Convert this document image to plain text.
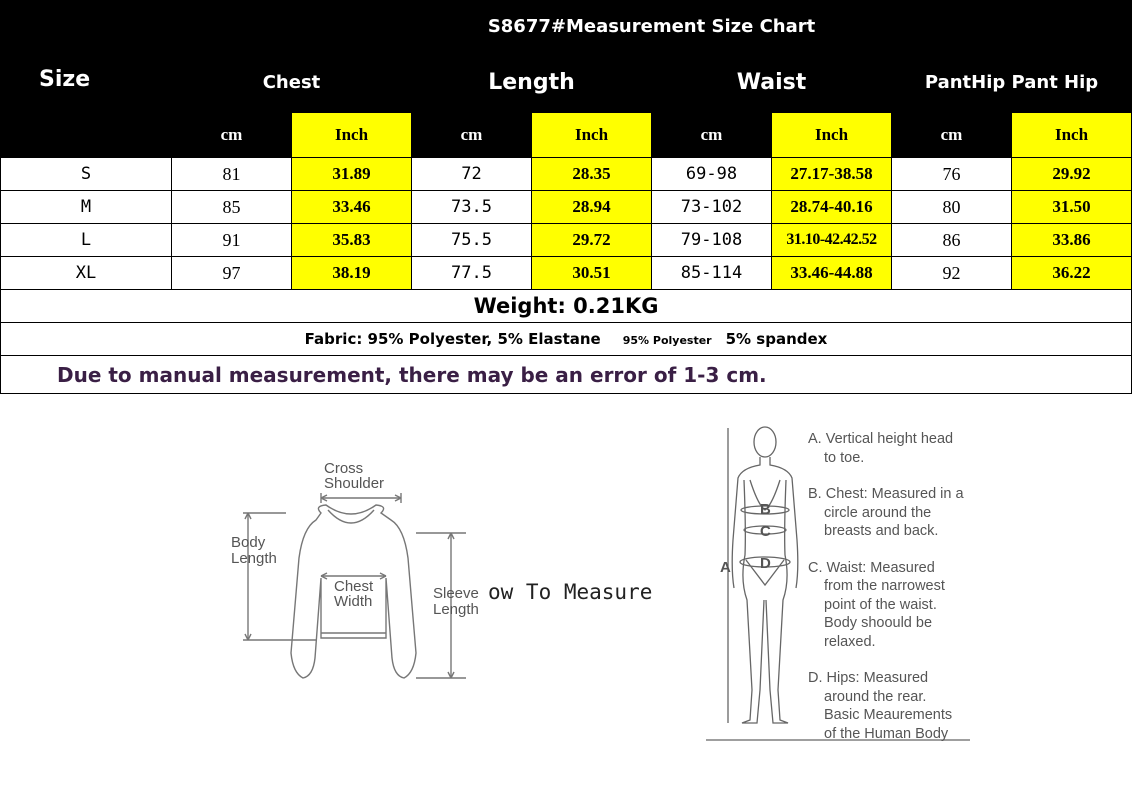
Size	S8677#Measurement Size Chart							
	Chest		Length		Waist		PantHip Pant Hip	
	cm	Inch	cm	Inch	cm	Inch	cm	Inch
S	81	31.89	72	28.35	69-98	27.17-38.58	76	29.92
M	85	33.46	73.5	28.94	73-102	28.74-40.16	80	31.50
L	91	35.83	75.5	29.72	79-108	31.10-42.42.52	86	33.86
XL	97	38.19	77.5	30.51	85-114	33.46-44.88	92	36.22
Weight: 0.21KG								
Fabric: 95% Polyester, 5% Elastane 95% Polyester 5% spandex								
Due to manual measurement, there may be an error of 1-3 cm.								
Cross
Shoulder
Body
Length
Chest
Width	Sleeve
Length
ow To Measure
A
B
C
D

A. Vertical height head
to toe.

B. Chest: Measured in a
circle around the
breasts and back.

C. Waist: Measured
from the narrowest
point of the waist.
Body shoould be
relaxed.

D. Hips: Measured
around the rear.
Basic Meaurements
of the Human Body
